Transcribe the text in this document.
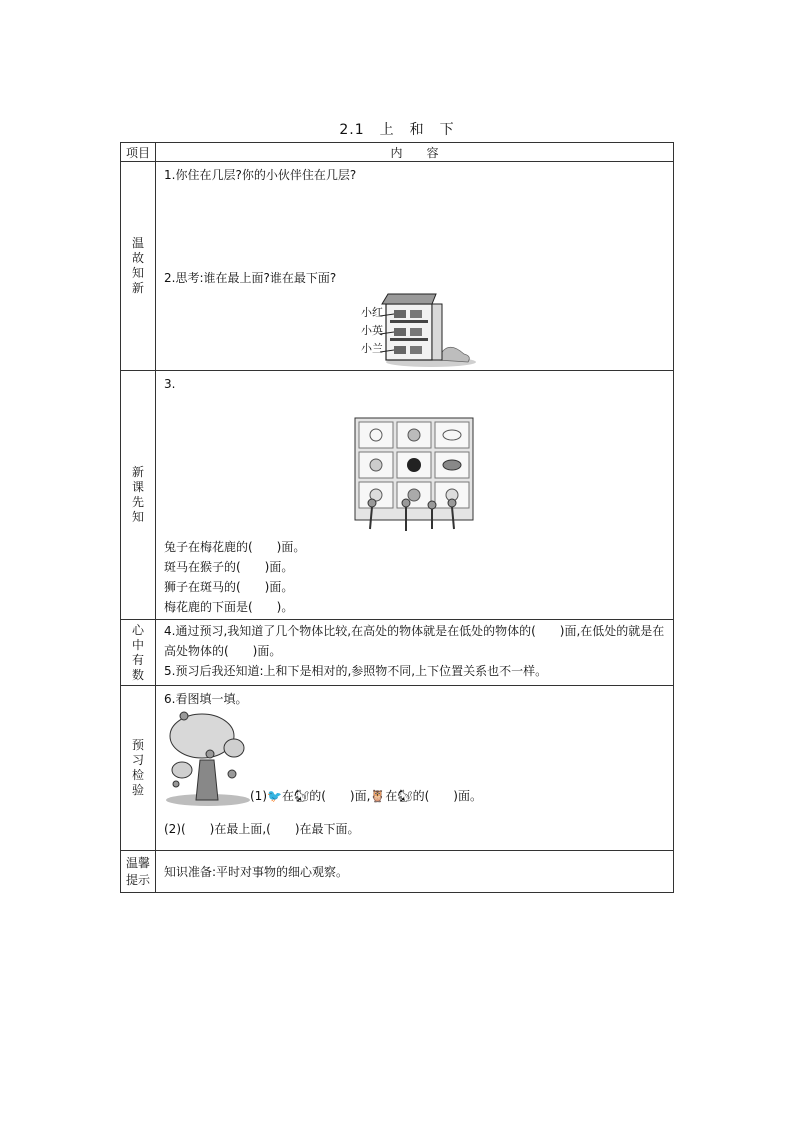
2.1　上　和　下
项目	内　　容
温故知新	1.你住在几层?你的小伙伴住在几层?
2.思考:谁在最上面?谁在最下面?
小红
小英
小兰

新课先知	3.
兔子在梅花鹿的(　　)面。
斑马在猴子的(　　)面。
狮子在斑马的(　　)面。
梅花鹿的下面是(　　)。

心中有数	4.通过预习,我知道了几个物体比较,在高处的物体就是在低处的物体的(　　)面,在低处的就是在高处物体的(　　)面。
5.预习后我还知道:上和下是相对的,参照物不同,上下位置关系也不一样。

预习检验	6.看图填一填。
(1)🐦在🐿的(　　)面,🦉在🐿的(　　)面。
(2)(　　)在最上面,(　　)在最下面。

温馨提示	知识准备:平时对事物的细心观察。
